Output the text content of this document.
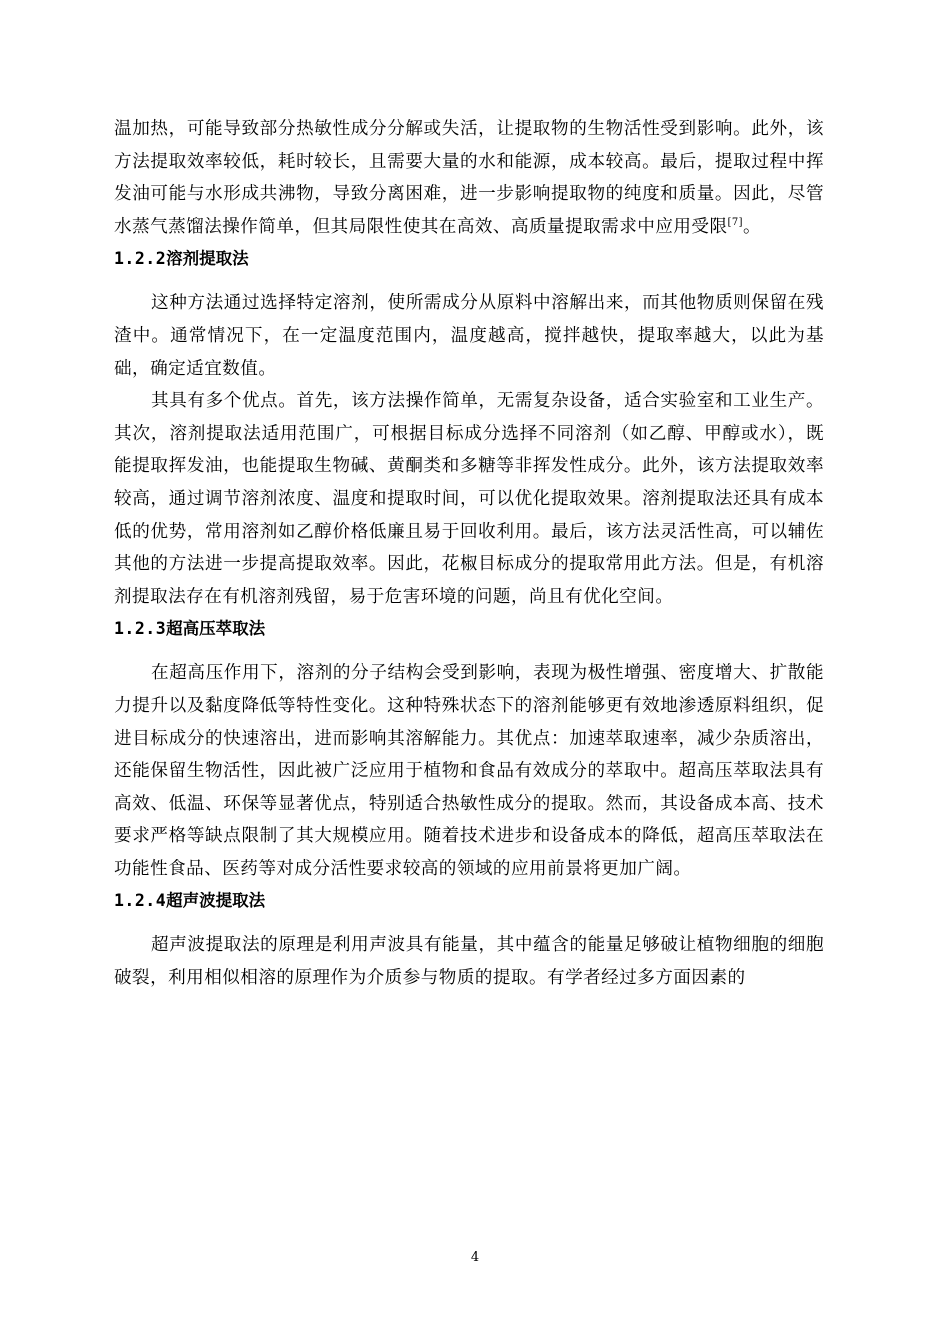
温加热，可能导致部分热敏性成分分解或失活，让提取物的生物活性受到影响。此外，该方法提取效率较低，耗时较长，且需要大量的水和能源，成本较高。最后，提取过程中挥发油可能与水形成共沸物，导致分离困难，进一步影响提取物的纯度和质量。因此，尽管水蒸气蒸馏法操作简单，但其局限性使其在高效、高质量提取需求中应用受限[7]。

1.2.2溶剂提取法

这种方法通过选择特定溶剂，使所需成分从原料中溶解出来，而其他物质则保留在残渣中。通常情况下，在一定温度范围内，温度越高，搅拌越快，提取率越大，以此为基础，确定适宜数值。

其具有多个优点。首先，该方法操作简单，无需复杂设备，适合实验室和工业生产。其次，溶剂提取法适用范围广，可根据目标成分选择不同溶剂（如乙醇、甲醇或水），既能提取挥发油，也能提取生物碱、黄酮类和多糖等非挥发性成分。此外，该方法提取效率较高，通过调节溶剂浓度、温度和提取时间，可以优化提取效果。溶剂提取法还具有成本低的优势，常用溶剂如乙醇价格低廉且易于回收利用。最后，该方法灵活性高，可以辅佐其他的方法进一步提高提取效率。因此，花椒目标成分的提取常用此方法。但是，有机溶剂提取法存在有机溶剂残留，易于危害环境的问题，尚且有优化空间。

1.2.3超高压萃取法

在超高压作用下，溶剂的分子结构会受到影响，表现为极性增强、密度增大、扩散能力提升以及黏度降低等特性变化。这种特殊状态下的溶剂能够更有效地渗透原料组织，促进目标成分的快速溶出，进而影响其溶解能力。其优点：加速萃取速率，减少杂质溶出，还能保留生物活性，因此被广泛应用于植物和食品有效成分的萃取中。超高压萃取法具有高效、低温、环保等显著优点，特别适合热敏性成分的提取。然而，其设备成本高、技术要求严格等缺点限制了其大规模应用。随着技术进步和设备成本的降低，超高压萃取法在功能性食品、医药等对成分活性要求较高的领域的应用前景将更加广阔。

1.2.4超声波提取法

超声波提取法的原理是利用声波具有能量，其中蕴含的能量足够破让植物细胞的细胞破裂，利用相似相溶的原理作为介质参与物质的提取。有学者经过多方面因素的

4
